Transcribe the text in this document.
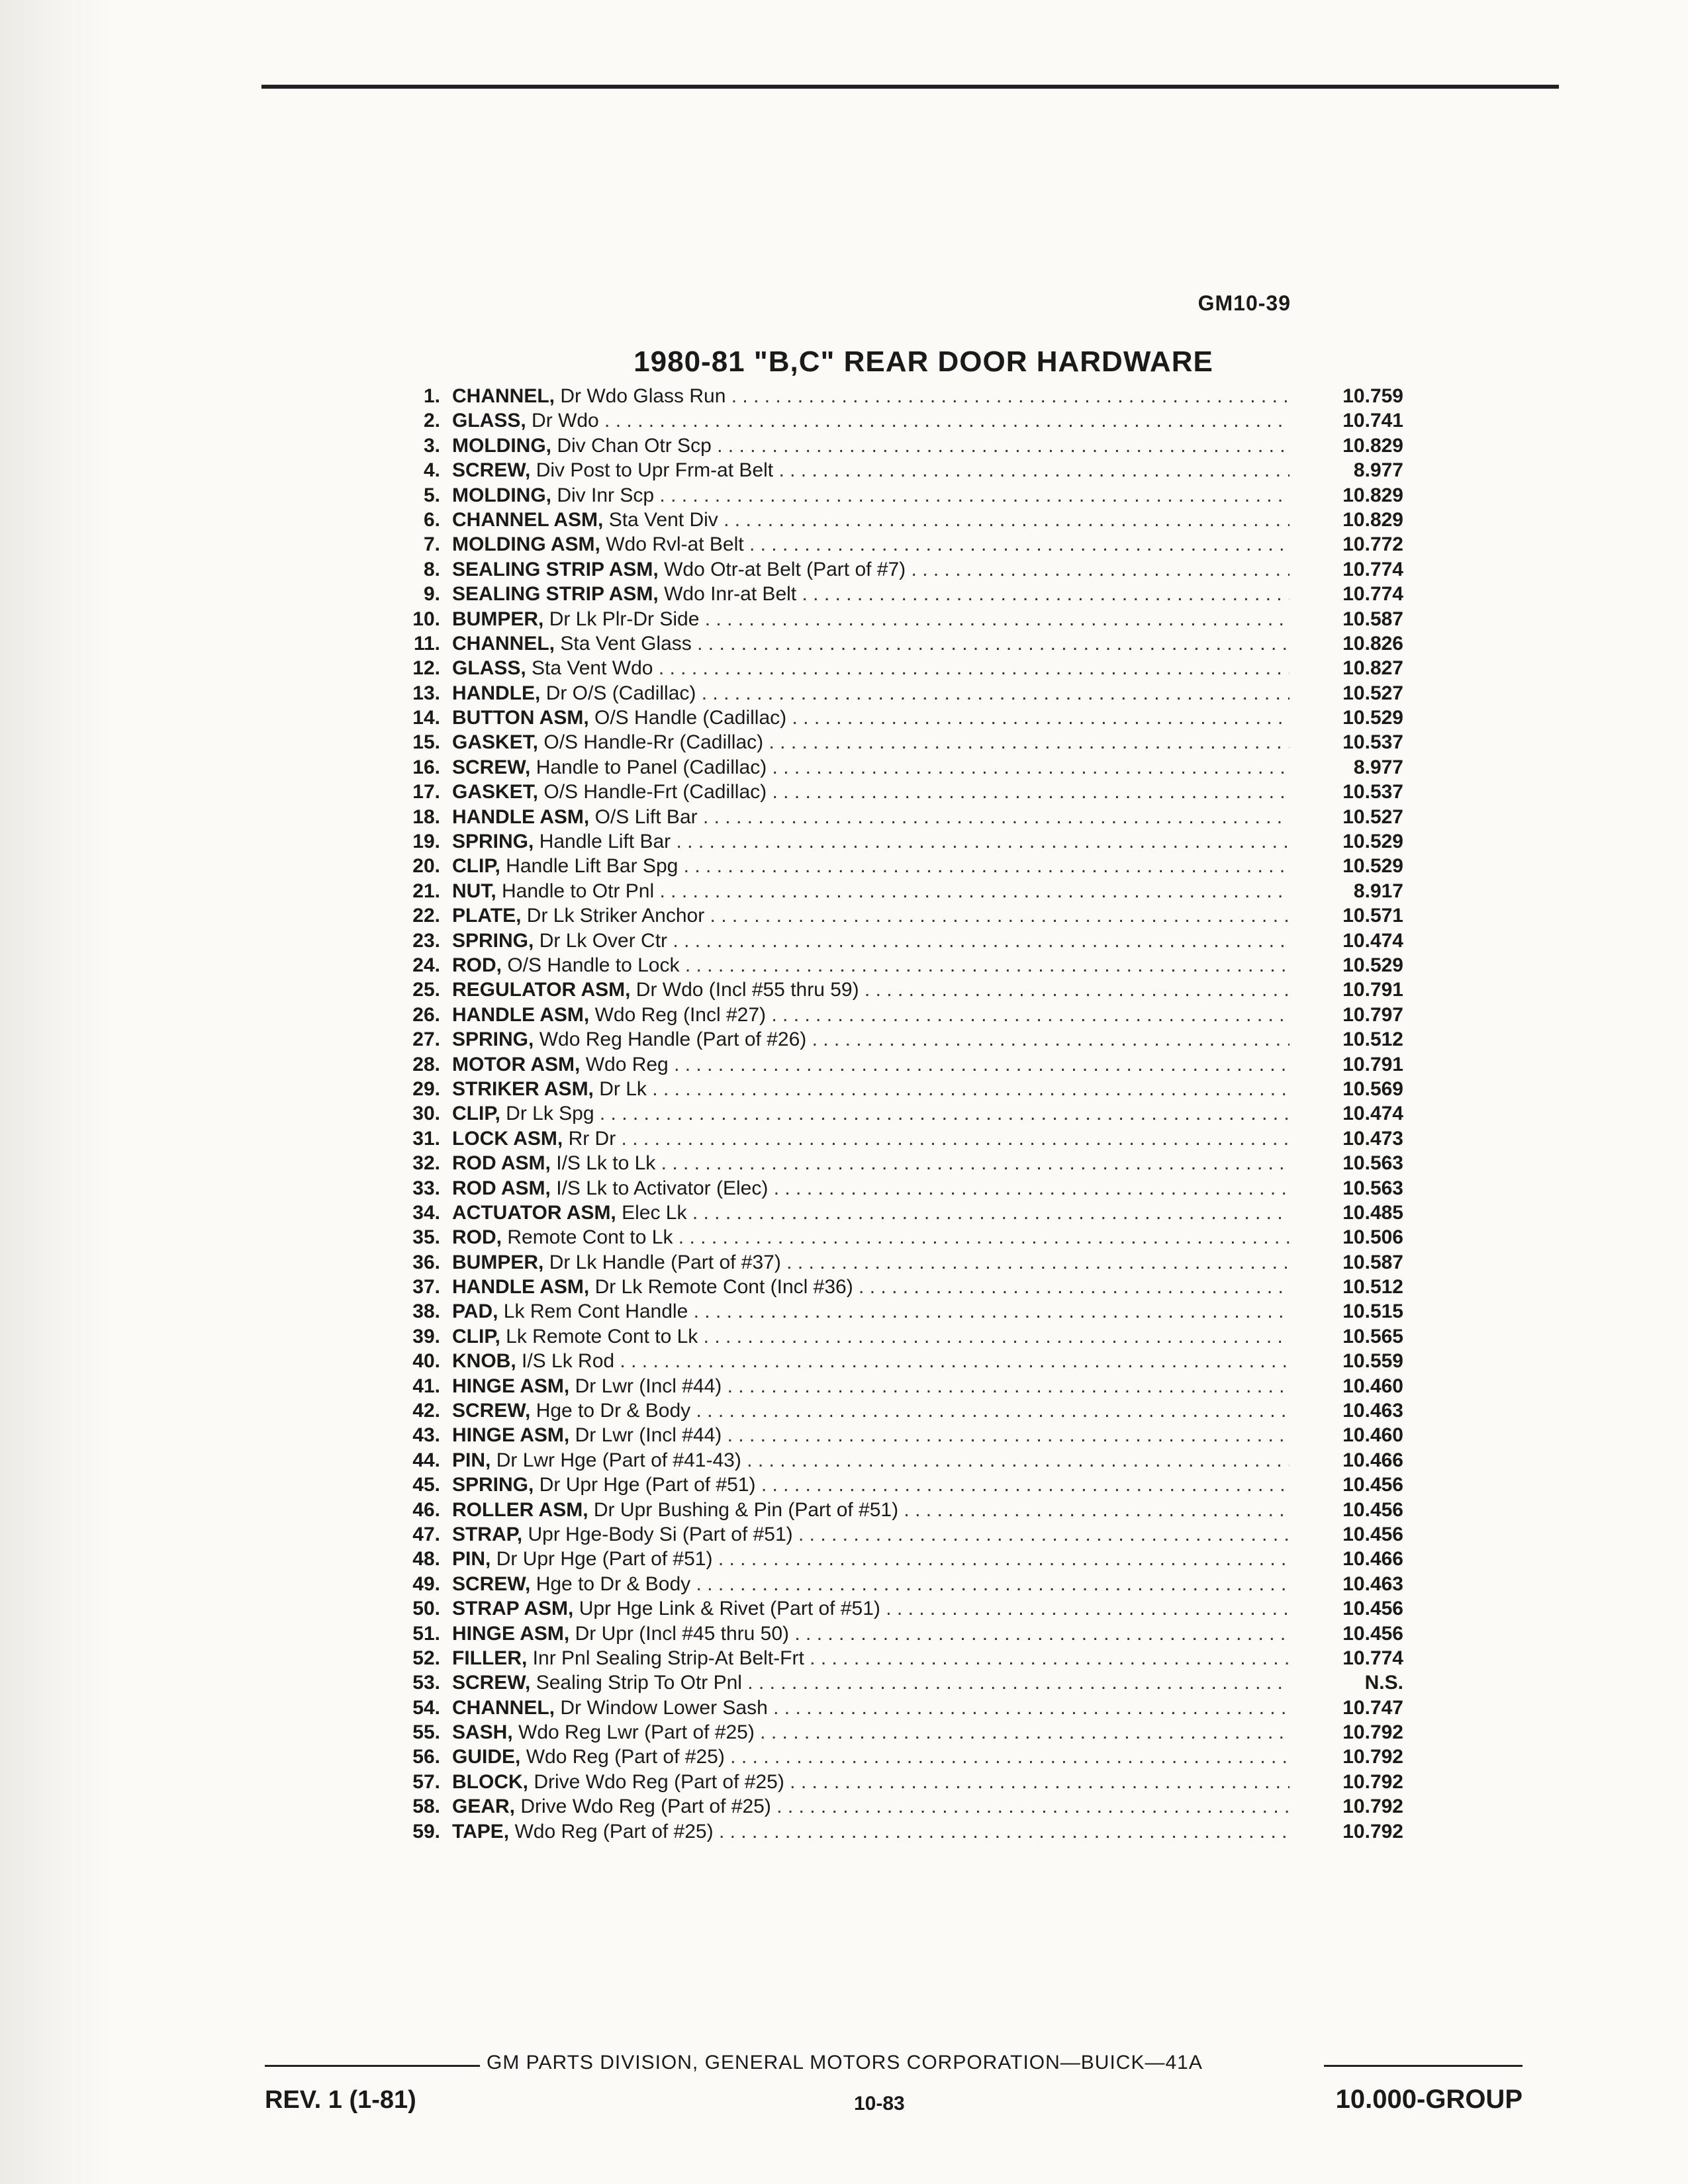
GM10-39
1980-81 "B,C" REAR DOOR HARDWARE
1. CHANNEL, Dr Wdo Glass Run . . .	10.759
2. GLASS, Dr Wdo . . .	10.741
3. MOLDING, Div Chan Otr Scp . . .	10.829
4. SCREW, Div Post to Upr Frm-at Belt . . .	8.977
5. MOLDING, Div Inr Scp . . .	10.829
6. CHANNEL ASM, Sta Vent Div . . .	10.829
7. MOLDING ASM, Wdo Rvl-at Belt . . .	10.772
8. SEALING STRIP ASM, Wdo Otr-at Belt (Part of #7) . . .	10.774
9. SEALING STRIP ASM, Wdo Inr-at Belt . . .	10.774
10. BUMPER, Dr Lk Plr-Dr Side . . .	10.587
11. CHANNEL, Sta Vent Glass . . .	10.826
12. GLASS, Sta Vent Wdo . . .	10.827
13. HANDLE, Dr O/S (Cadillac) . . .	10.527
14. BUTTON ASM, O/S Handle (Cadillac) . . .	10.529
15. GASKET, O/S Handle-Rr (Cadillac) . . .	10.537
16. SCREW, Handle to Panel (Cadillac) . . .	8.977
17. GASKET, O/S Handle-Frt (Cadillac) . . .	10.537
18. HANDLE ASM, O/S Lift Bar . . .	10.527
19. SPRING, Handle Lift Bar . . .	10.529
20. CLIP, Handle Lift Bar Spg . . .	10.529
21. NUT, Handle to Otr Pnl . . .	8.917
22. PLATE, Dr Lk Striker Anchor . . .	10.571
23. SPRING, Dr Lk Over Ctr . . .	10.474
24. ROD, O/S Handle to Lock . . .	10.529
25. REGULATOR ASM, Dr Wdo (Incl #55 thru 59) . . .	10.791
26. HANDLE ASM, Wdo Reg (Incl #27) . . .	10.797
27. SPRING, Wdo Reg Handle (Part of #26) . . .	10.512
28. MOTOR ASM, Wdo Reg . . .	10.791
29. STRIKER ASM, Dr Lk . . .	10.569
30. CLIP, Dr Lk Spg . . .	10.474
31. LOCK ASM, Rr Dr . . .	10.473
32. ROD ASM, I/S Lk to Lk . . .	10.563
33. ROD ASM, I/S Lk to Activator (Elec) . . .	10.563
34. ACTUATOR ASM, Elec Lk . . .	10.485
35. ROD, Remote Cont to Lk . . .	10.506
36. BUMPER, Dr Lk Handle (Part of #37) . . .	10.587
37. HANDLE ASM, Dr Lk Remote Cont (Incl #36) . . .	10.512
38. PAD, Lk Rem Cont Handle . . .	10.515
39. CLIP, Lk Remote Cont to Lk . . .	10.565
40. KNOB, I/S Lk Rod . . .	10.559
41. HINGE ASM, Dr Lwr (Incl #44) . . .	10.460
42. SCREW, Hge to Dr & Body . . .	10.463
43. HINGE ASM, Dr Lwr (Incl #44) . . .	10.460
44. PIN, Dr Lwr Hge (Part of #41-43) . . .	10.466
45. SPRING, Dr Upr Hge (Part of #51) . . .	10.456
46. ROLLER ASM, Dr Upr Bushing & Pin (Part of #51) . . .	10.456
47. STRAP, Upr Hge-Body Si (Part of #51) . . .	10.456
48. PIN, Dr Upr Hge (Part of #51) . . .	10.466
49. SCREW, Hge to Dr & Body . . .	10.463
50. STRAP ASM, Upr Hge Link & Rivet (Part of #51) . . .	10.456
51. HINGE ASM, Dr Upr (Incl #45 thru 50) . . .	10.456
52. FILLER, Inr Pnl Sealing Strip-At Belt-Frt . . .	10.774
53. SCREW, Sealing Strip To Otr Pnl . . .	N.S.
54. CHANNEL, Dr Window Lower Sash . . .	10.747
55. SASH, Wdo Reg Lwr (Part of #25) . . .	10.792
56. GUIDE, Wdo Reg (Part of #25) . . .	10.792
57. BLOCK, Drive Wdo Reg (Part of #25) . . .	10.792
58. GEAR, Drive Wdo Reg (Part of #25) . . .	10.792
59. TAPE, Wdo Reg (Part of #25) . . .	10.792
GM PARTS DIVISION, GENERAL MOTORS CORPORATION—BUICK—41A
REV. 1 (1-81)	10-83	10.000-GROUP
